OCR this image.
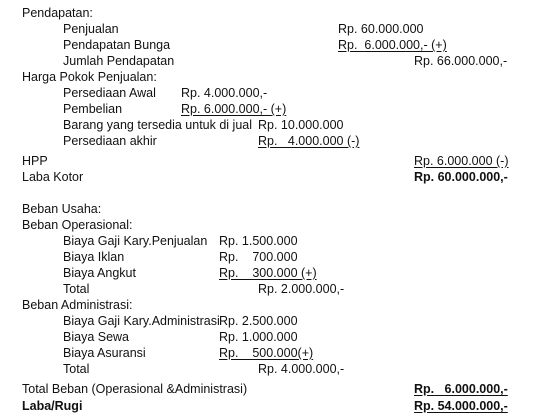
Pendapatan:
Penjualan	Rp. 60.000.000
Pendapatan Bunga	Rp.  6.000.000,- (+)
Jumlah Pendapatan	Rp. 66.000.000,-
Harga Pokok Penjualan:
Persediaan Awal Rp. 4.000.000,-
Pembelian	Rp. 6.000.000,- (+)
Barang yang tersedia untuk di jual Rp. 10.000.000
Persediaan akhir	Rp.   4.000.000 (-)
HPP	Rp. 6.000.000 (-)
Laba Kotor	Rp. 60.000.000,-
Beban Usaha:
Beban Operasional:
Biaya Gaji Kary.Penjualan Rp. 1.500.000
Biaya Iklan	Rp.    700.000
Biaya Angkut	Rp.    300.000 (+)
Total	Rp. 2.000.000,-
Beban Administrasi:
Biaya Gaji Kary.Administrasi Rp. 2.500.000
Biaya Sewa	Rp. 1.000.000
Biaya Asuransi	Rp.    500.000(+)
Total	Rp. 4.000.000,-
Total Beban (Operasional &Administrasi)	Rp.   6.000.000,-
Laba/Rugi	Rp. 54.000.000,-
